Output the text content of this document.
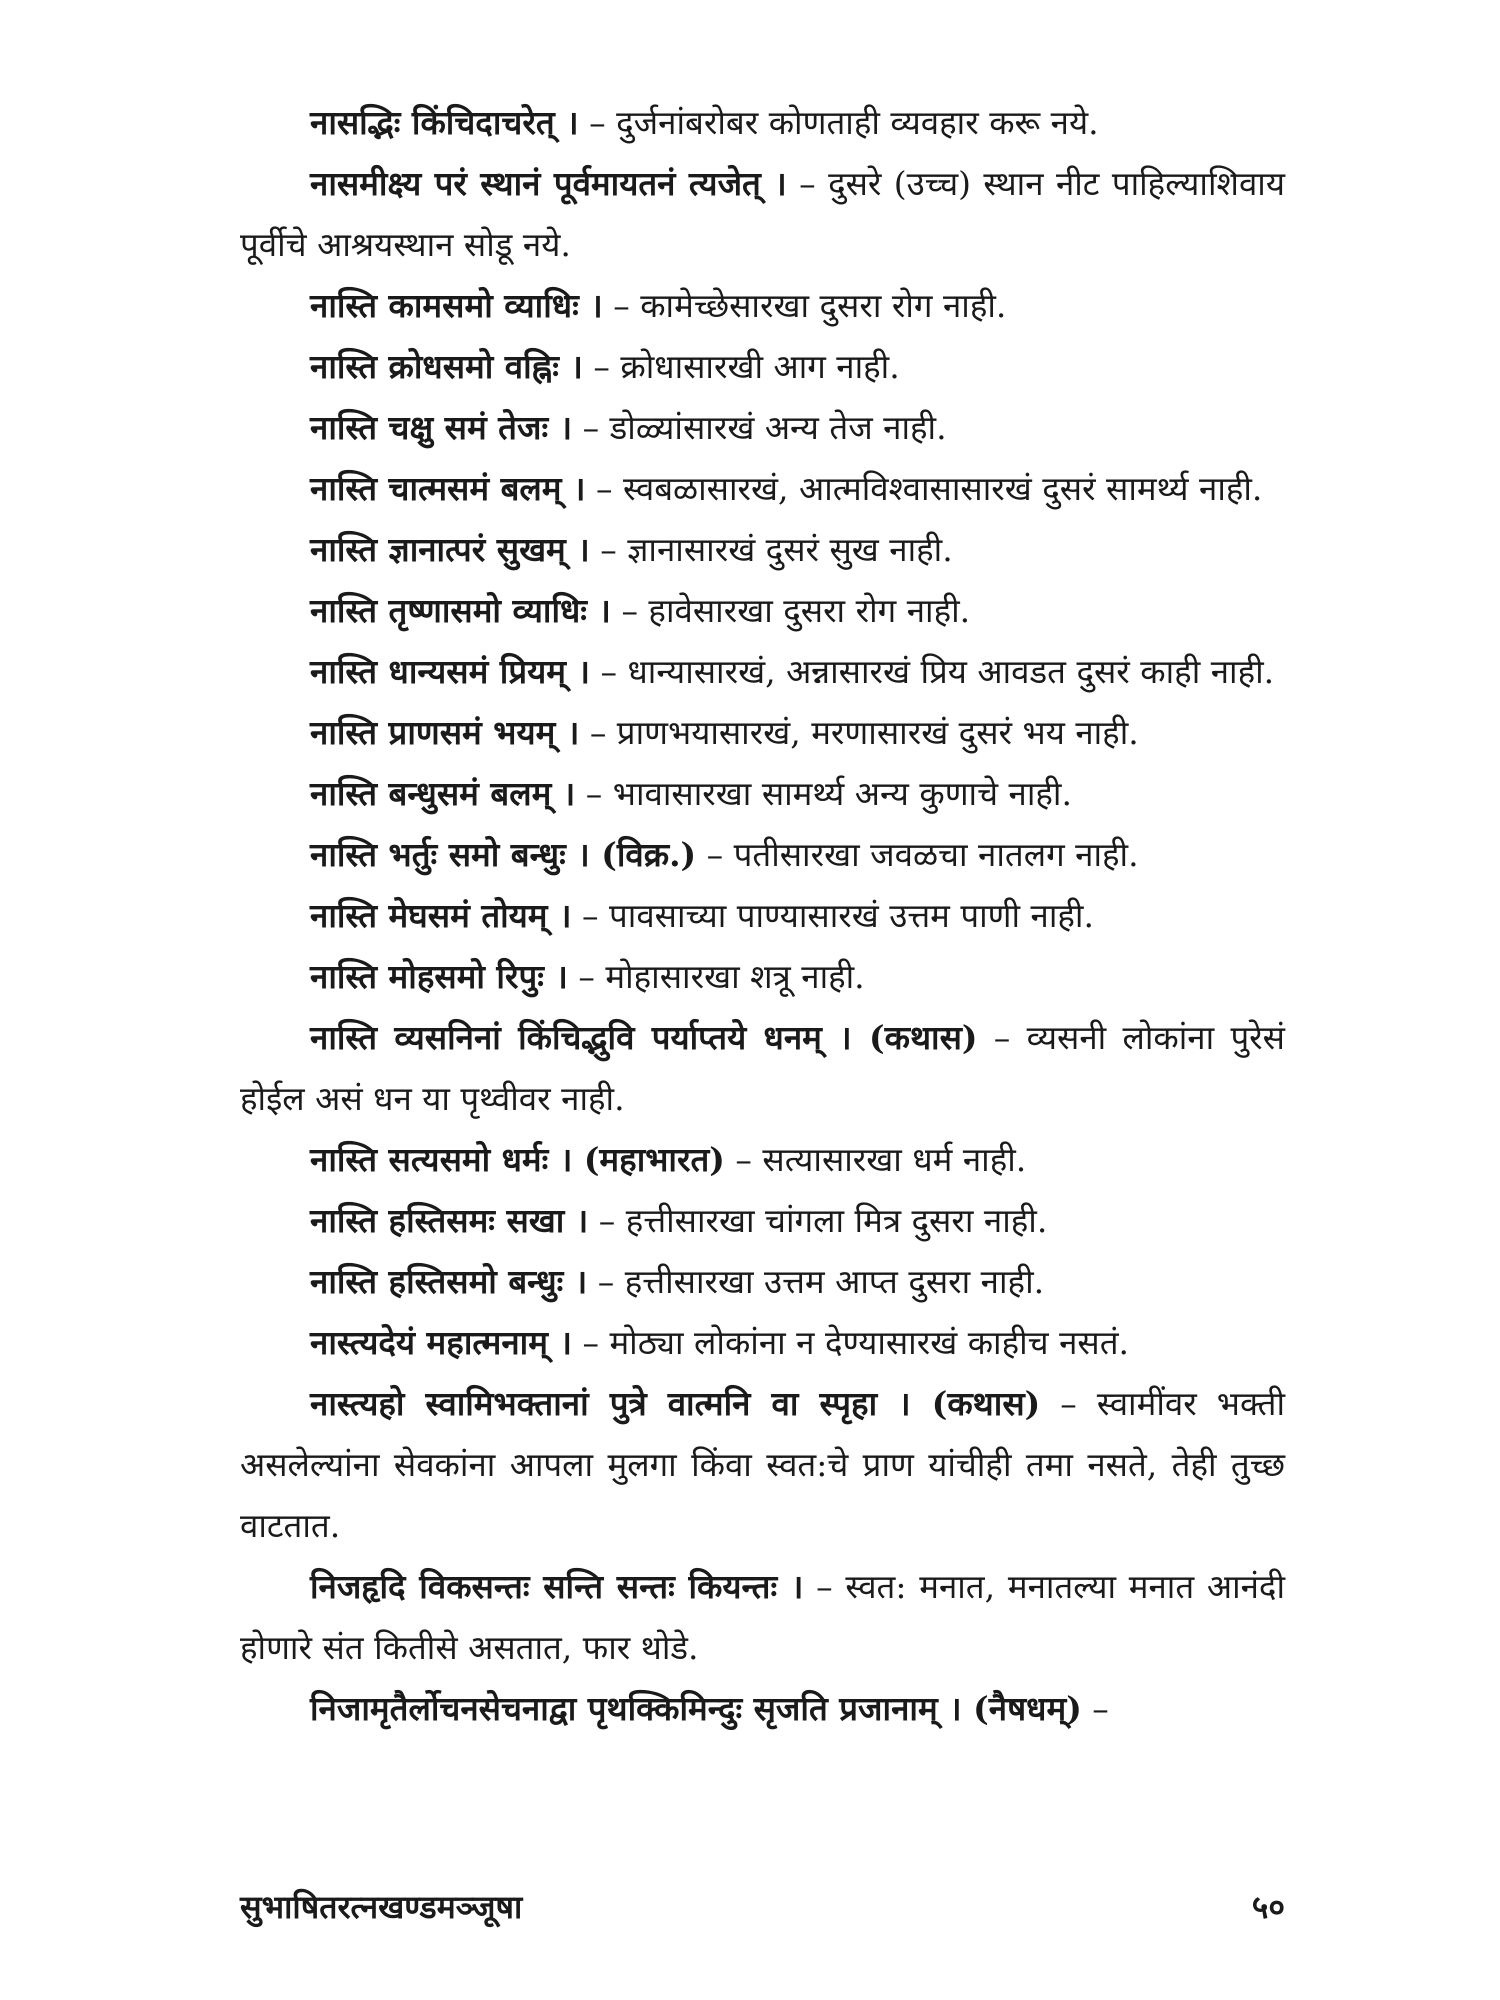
नासद्भिः किंचिदाचरेत् । – दुर्जनांबरोबर कोणताही व्यवहार करू नये.

नासमीक्ष्य परं स्थानं पूर्वमायतनं त्यजेत् । – दुसरे (उच्च) स्थान नीट पाहिल्याशिवाय पूर्वीचे आश्रयस्थान सोडू नये.

नास्ति कामसमो व्याधिः । – कामेच्छेसारखा दुसरा रोग नाही.

नास्ति क्रोधसमो वह्निः । – क्रोधासारखी आग नाही.

नास्ति चक्षु समं तेजः । – डोळ्यांसारखं अन्य तेज नाही.

नास्ति चात्मसमं बलम् । – स्वबळासारखं, आत्मविश्वासासारखं दुसरं सामर्थ्य नाही.

नास्ति ज्ञानात्परं सुखम् । – ज्ञानासारखं दुसरं सुख नाही.

नास्ति तृष्णासमो व्याधिः । – हावेसारखा दुसरा रोग नाही.

नास्ति धान्यसमं प्रियम् । – धान्यासारखं, अन्नासारखं प्रिय आवडत दुसरं काही नाही.

नास्ति प्राणसमं भयम् । – प्राणभयासारखं, मरणासारखं दुसरं भय नाही.

नास्ति बन्धुसमं बलम् । – भावासारखा सामर्थ्य अन्य कुणाचे नाही.

नास्ति भर्तुः समो बन्धुः । (विक्र.) – पतीसारखा जवळचा नातलग नाही.

नास्ति मेघसमं तोयम् । – पावसाच्या पाण्यासारखं उत्तम पाणी नाही.

नास्ति मोहसमो रिपुः । – मोहासारखा शत्रू नाही.

नास्ति व्यसनिनां किंचिद्भुवि पर्याप्तये धनम् । (कथास) – व्यसनी लोकांना पुरेसं होईल असं धन या पृथ्वीवर नाही.

नास्ति सत्यसमो धर्मः । (महाभारत) – सत्यासारखा धर्म नाही.

नास्ति हस्तिसमः सखा । – हत्तीसारखा चांगला मित्र दुसरा नाही.

नास्ति हस्तिसमो बन्धुः । – हत्तीसारखा उत्तम आप्त दुसरा नाही.

नास्त्यदेयं महात्मनाम् । – मोठ्या लोकांना न देण्यासारखं काहीच नसतं.

नास्त्यहो स्वामिभक्तानां पुत्रे वात्मनि वा स्पृहा । (कथास) – स्वामींवर भक्ती असलेल्यांना सेवकांना आपला मुलगा किंवा स्वत:चे प्राण यांचीही तमा नसते, तेही तुच्छ वाटतात.

निजहृदि विकसन्तः सन्ति सन्तः कियन्तः । – स्वत: मनात, मनातल्या मनात आनंदी होणारे संत कितीसे असतात, फार थोडे.

निजामृतैर्लोचनसेचनाद्वा पृथक्किमिन्दुः सृजति प्रजानाम् । (नैषधम्) –

सुभाषितरत्नखण्डमञ्जूषा	५०
